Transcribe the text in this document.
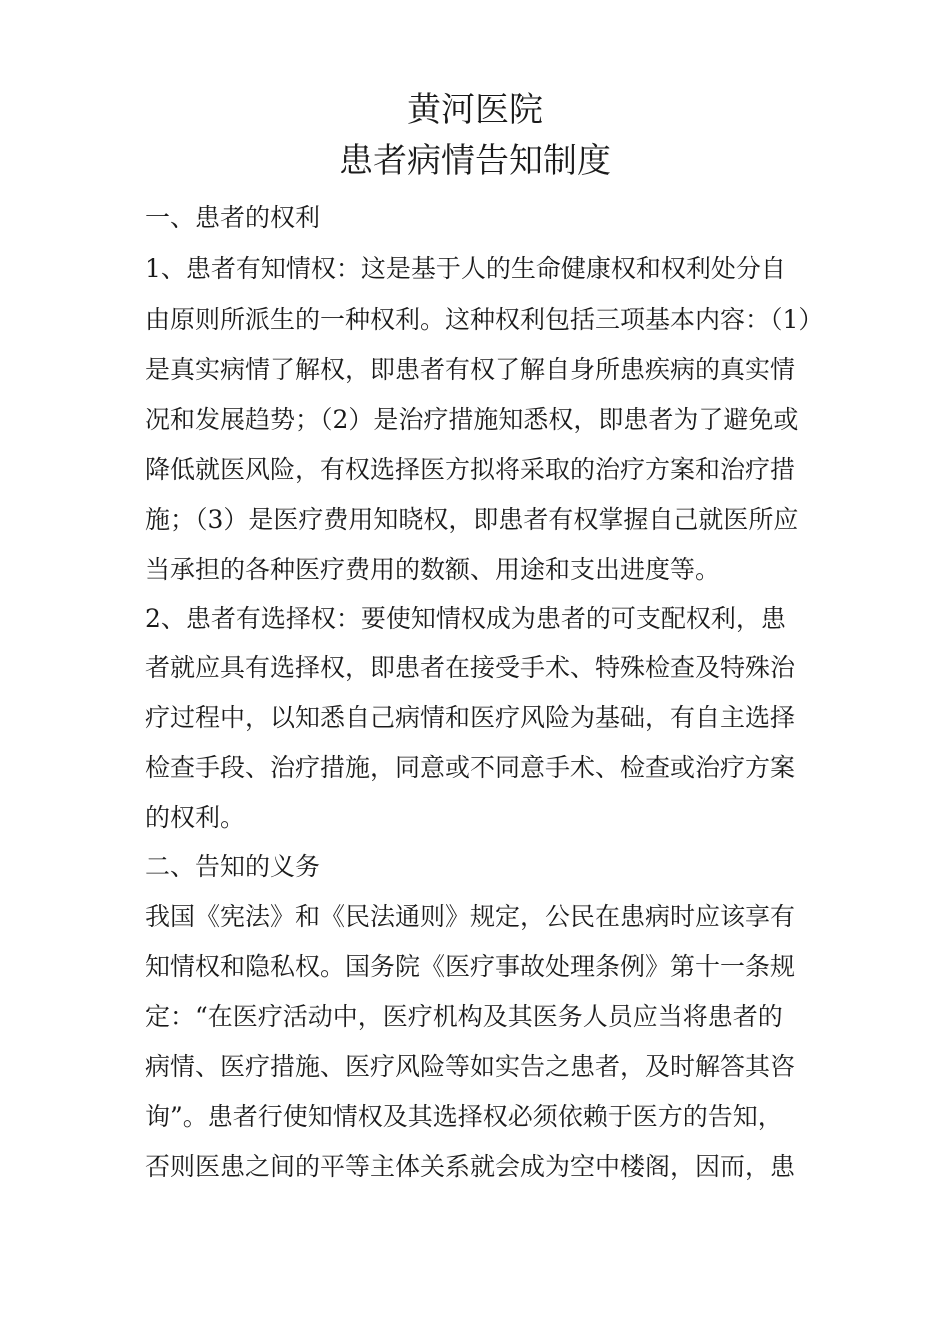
黄河医院
患者病情告知制度
一、患者的权利
1、患者有知情权：这是基于人的生命健康权和权利处分自
由原则所派生的一种权利。这种权利包括三项基本内容：（1）
是真实病情了解权，即患者有权了解自身所患疾病的真实情
况和发展趋势；（2）是治疗措施知悉权，即患者为了避免或
降低就医风险，有权选择医方拟将采取的治疗方案和治疗措
施；（3）是医疗费用知晓权，即患者有权掌握自己就医所应
当承担的各种医疗费用的数额、用途和支出进度等。
2、患者有选择权：要使知情权成为患者的可支配权利，患
者就应具有选择权，即患者在接受手术、特殊检查及特殊治
疗过程中，以知悉自己病情和医疗风险为基础，有自主选择
检查手段、治疗措施，同意或不同意手术、检查或治疗方案
的权利。
二、告知的义务
我国《宪法》和《民法通则》规定，公民在患病时应该享有
知情权和隐私权。国务院《医疗事故处理条例》第十一条规
定：“在医疗活动中，医疗机构及其医务人员应当将患者的
病情、医疗措施、医疗风险等如实告之患者，及时解答其咨
询”。患者行使知情权及其选择权必须依赖于医方的告知，
否则医患之间的平等主体关系就会成为空中楼阁，因而，患
